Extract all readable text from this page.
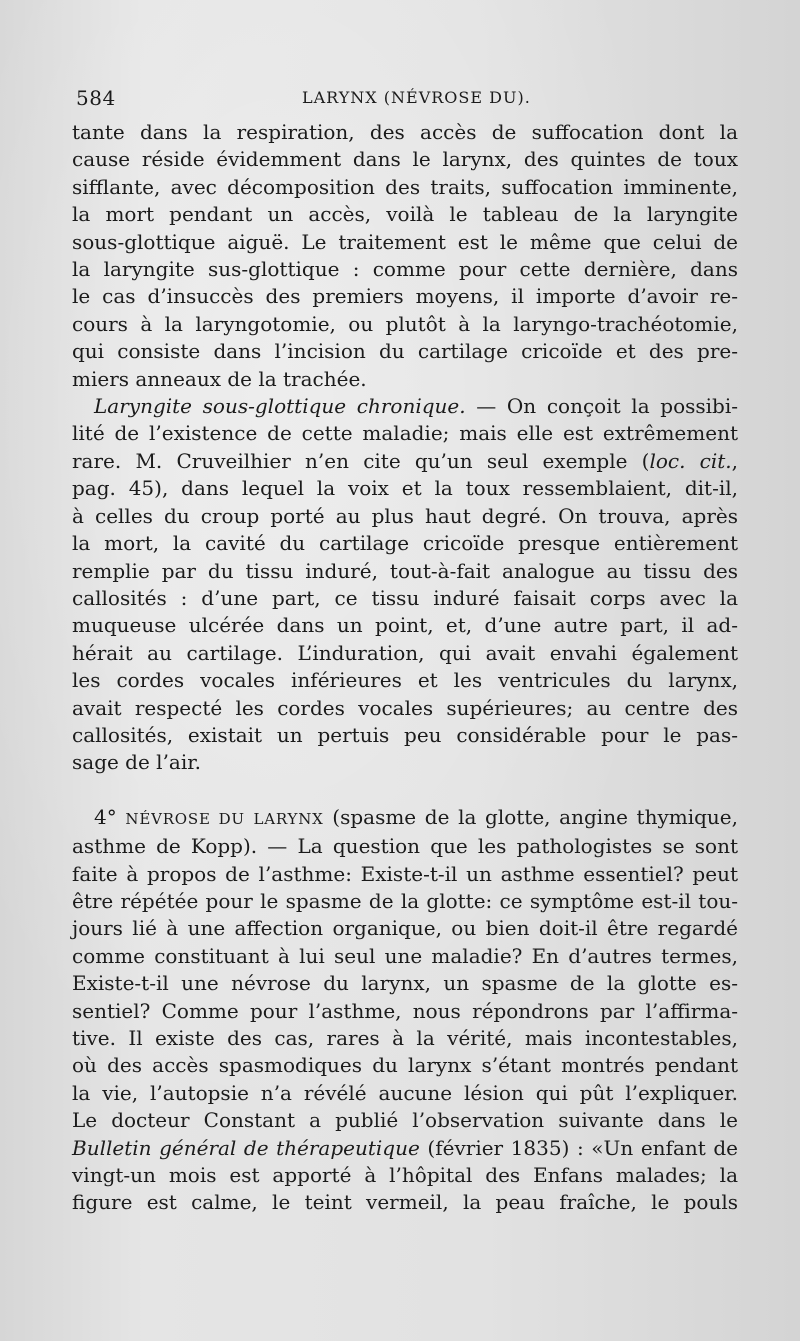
584	LARYNX (NÉVROSE DU).
tante dans la respiration, des accès de suffocation dont la
cause réside évidemment dans le larynx, des quintes de toux
sifflante, avec décomposition des traits, suffocation imminente,
la mort pendant un accès, voilà le tableau de la laryngite
sous-glottique aiguë. Le traitement est le même que celui de
la laryngite sus-glottique : comme pour cette dernière, dans
le cas d’insuccès des premiers moyens, il importe d’avoir re-
cours à la laryngotomie, ou plutôt à la laryngo-trachéotomie,
qui consiste dans l’incision du cartilage cricoïde et des pre-
miers anneaux de la trachée.
Laryngite sous-glottique chronique. — On conçoit la possibi-
lité de l’existence de cette maladie; mais elle est extrêmement
rare. M. Cruveilhier n’en cite qu’un seul exemple (loc. cit.,
pag. 45), dans lequel la voix et la toux ressemblaient, dit-il,
à celles du croup porté au plus haut degré. On trouva, après
la mort, la cavité du cartilage cricoïde presque entièrement
remplie par du tissu induré, tout-à-fait analogue au tissu des
callosités : d’une part, ce tissu induré faisait corps avec la
muqueuse ulcérée dans un point, et, d’une autre part, il ad-
hérait au cartilage. L’induration, qui avait envahi également
les cordes vocales inférieures et les ventricules du larynx,
avait respecté les cordes vocales supérieures; au centre des
callosités, existait un pertuis peu considérable pour le pas-
sage de l’air.
4° NÉVROSE DU LARYNX (spasme de la glotte, angine thymique,
asthme de Kopp). — La question que les pathologistes se sont
faite à propos de l’asthme: Existe-t-il un asthme essentiel? peut
être répétée pour le spasme de la glotte: ce symptôme est-il tou-
jours lié à une affection organique, ou bien doit-il être regardé
comme constituant à lui seul une maladie? En d’autres termes,
Existe-t-il une névrose du larynx, un spasme de la glotte es-
sentiel? Comme pour l’asthme, nous répondrons par l’affirma-
tive. Il existe des cas, rares à la vérité, mais incontestables,
où des accès spasmodiques du larynx s’étant montrés pendant
la vie, l’autopsie n’a révélé aucune lésion qui pût l’expliquer.
Le docteur Constant a publié l’observation suivante dans le
Bulletin général de thérapeutique (février 1835) : «Un enfant de
vingt-un mois est apporté à l’hôpital des Enfans malades; la
figure est calme, le teint vermeil, la peau fraîche, le pouls
